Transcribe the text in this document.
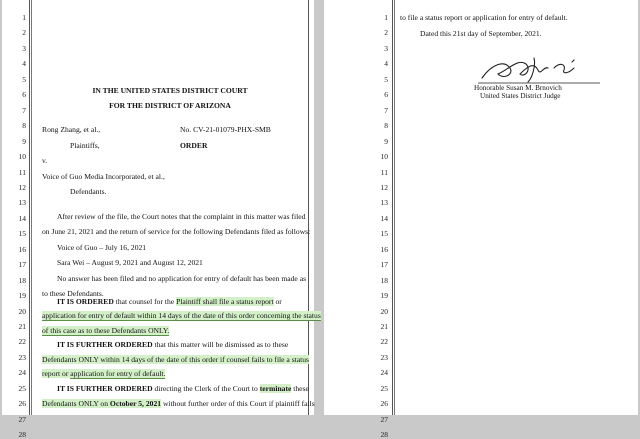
1
2
3
4
5
6
7
8
9
10
11
12
13
14
15
16
17
18
19
20
21
22
23
24
25
26
27
28
IN THE UNITED STATES DISTRICT COURT
FOR THE DISTRICT OF ARIZONA
Rong Zhang, et al.,	No. CV-21-01079-PHX-SMB
Plaintiffs,	ORDER
v.
Voice of Guo Media Incorporated, et al.,
Defendants.
After review of the file, the Court notes that the complaint in this matter was filed
on June 21, 2021 and the return of service for the following Defendants filed as follows:
Voice of Guo – July 16, 2021
Sara Wei – August 9, 2021 and August 12, 2021
No answer has been filed and no application for entry of default has been made as
to these Defendants.
IT IS ORDERED that counsel for the Plaintiff shall file a status report or
application for entry of default within 14 days of the date of this order concerning the status
of this case as to these Defendants ONLY.
IT IS FURTHER ORDERED that this matter will be dismissed as to these
Defendants ONLY within 14 days of the date of this order if counsel fails to file a status
report or application for entry of default.
IT IS FURTHER ORDERED directing the Clerk of the Court to terminate these
Defendants ONLY on October 5, 2021 without further order of this Court if plaintiff fails
1
2
3
4
5
6
7
8
9
10
11
12
13
14
15
16
17
18
19
20
21
22
23
24
25
26
27
28
to file a status report or application for entry of default.
Dated this 21st day of September, 2021.
Honorable Susan M. Brnovich
United States District Judge
